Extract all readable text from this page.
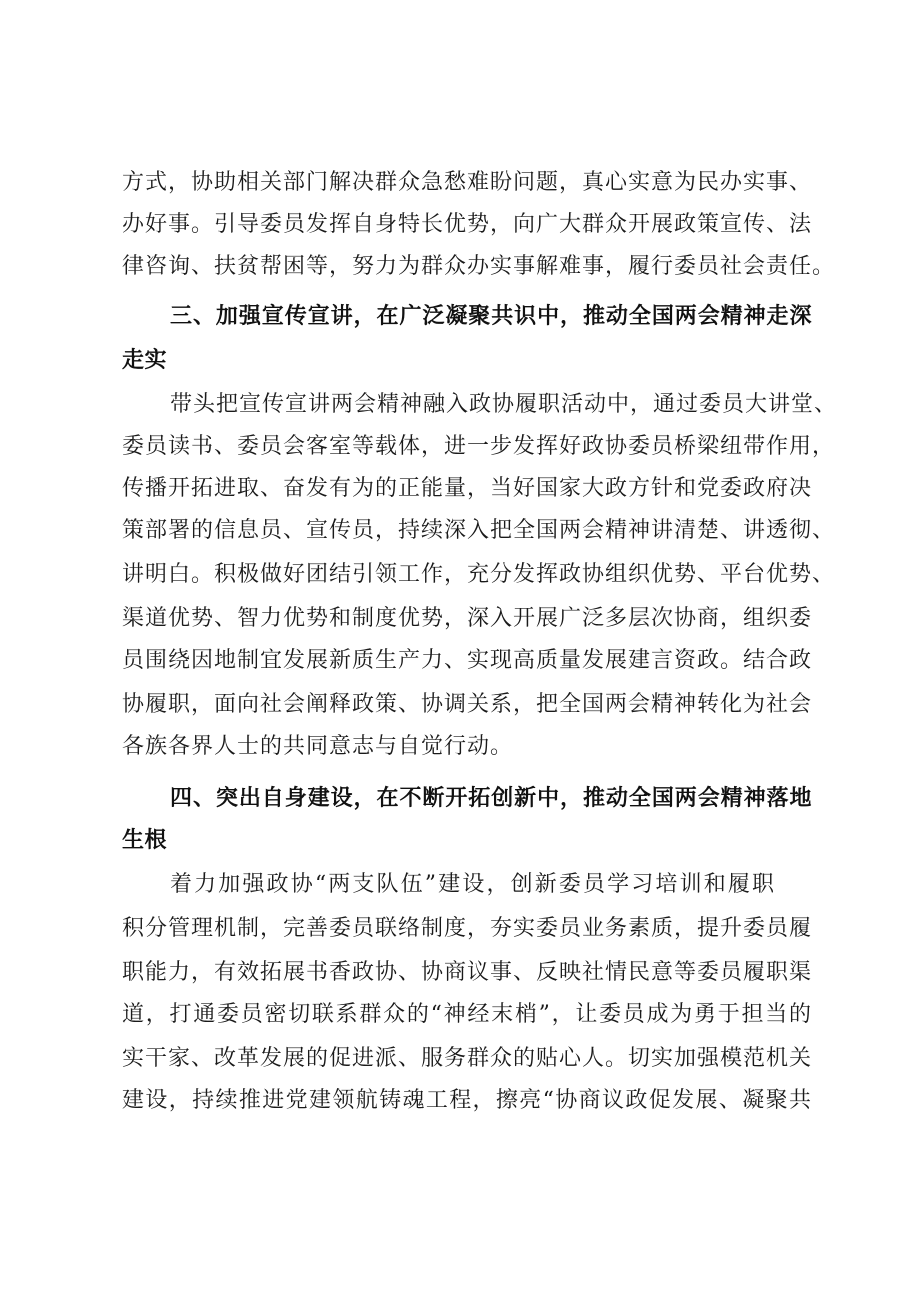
方式，协助相关部门解决群众急愁难盼问题，真心实意为民办实事、
办好事。引导委员发挥自身特长优势，向广大群众开展政策宣传、法
律咨询、扶贫帮困等，努力为群众办实事解难事，履行委员社会责任。
三、加强宣传宣讲，在广泛凝聚共识中，推动全国两会精神走深
走实
带头把宣传宣讲两会精神融入政协履职活动中，通过委员大讲堂、
委员读书、委员会客室等载体，进一步发挥好政协委员桥梁纽带作用，
传播开拓进取、奋发有为的正能量，当好国家大政方针和党委政府决
策部署的信息员、宣传员，持续深入把全国两会精神讲清楚、讲透彻、
讲明白。积极做好团结引领工作，充分发挥政协组织优势、平台优势、
渠道优势、智力优势和制度优势，深入开展广泛多层次协商，组织委
员围绕因地制宜发展新质生产力、实现高质量发展建言资政。结合政
协履职，面向社会阐释政策、协调关系，把全国两会精神转化为社会
各族各界人士的共同意志与自觉行动。
四、突出自身建设，在不断开拓创新中，推动全国两会精神落地
生根
着力加强政协“两支队伍”建设，创新委员学习培训和履职
积分管理机制，完善委员联络制度，夯实委员业务素质，提升委员履
职能力，有效拓展书香政协、协商议事、反映社情民意等委员履职渠
道，打通委员密切联系群众的“神经末梢”，让委员成为勇于担当的
实干家、改革发展的促进派、服务群众的贴心人。切实加强模范机关
建设，持续推进党建领航铸魂工程，擦亮“协商议政促发展、凝聚共
